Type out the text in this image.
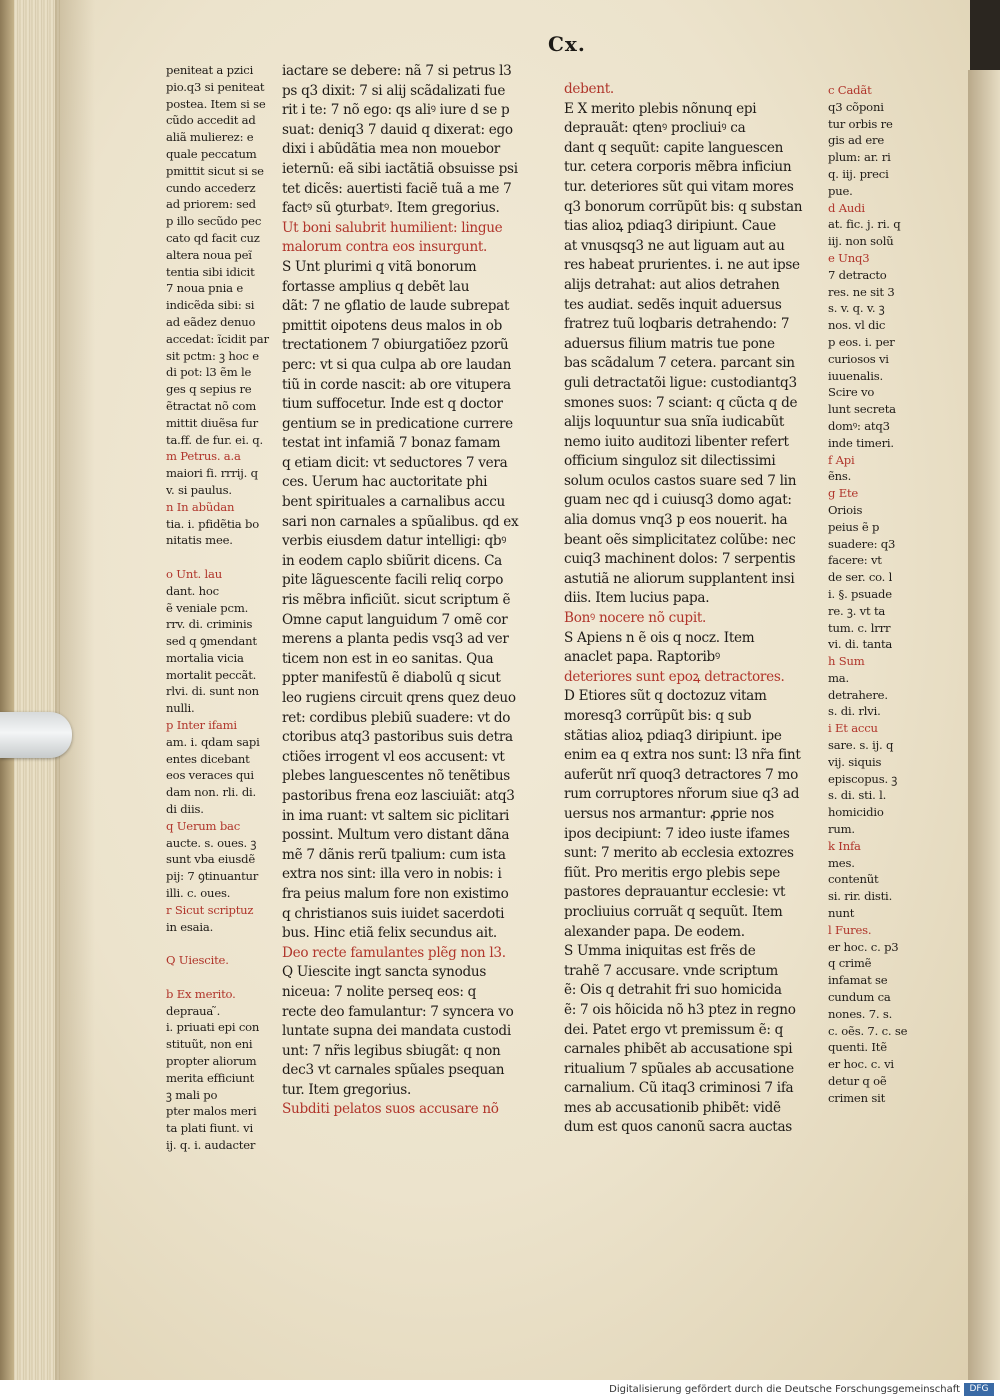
Cx.
peniteat a pzici
pio.q3 si peniteat
postea. Item si se
cũdo accedit ad
aliã mulierez: e
quale peccatum
pmittit sicut si se
cundo accederz
ad priorem: sed
p illo secũdo pec
cato qd facit cuz
altera noua peĩ
tentia sibi idicit
7 noua pnia e
indicẽda sibi: si
ad eãdez denuo
accedat: ĩcidit par
sit pctm: ꝫ hoc e
di pot: l3 ẽm le
ges q sepius re
ẽtractat nõ com
mittit diuẽsa fur
ta.ff. de fur. ei. q.
m Petrus. a.a
maiori fi. rrrij. q
v. si paulus.
n In abũdan
tia. i. pfidẽtia bo
nitatis mee.

o Unt. lau
dant. hoc
ẽ veniale pcm.
rrv. di. criminis
sed q ꝯmendant
mortalia vicia
mortalit peccãt.
rlvi. di. sunt non
nulli.
p Inter ifami
am. i. qdam sapi
entes dicebant
eos veraces qui
dam non. rli. di.
di diis.
q Uerum bac
aucte. s. oues. ꝫ
sunt vba eiusdẽ
pij: 7 ꝯtinuantur
illi. c. oues.
r Sicut scriptuz
in esaia.

Q Uiescite.

b Ex merito.
depraua ̃.
i. priuati epi con
stituũt, non eni
propter aliorum
merita efficiunt
ꝫ mali po
pter malos meri
ta plati fiunt. vi
ij. q. i. audacter
iactare se debere: nã 7 si petrus l3
ps q3 dixit: 7 si alij scãdalizati fue
rit i te: 7 nõ ego: qs aliꝰ iure d se p
suat: deniq3 7 dauid q dixerat: ego
dixi i abũdãtia mea non mouebor
ieternũ: eã sibi iactãtiã obsuisse psi
tet dicẽs: auertisti faciẽ tuã a me 7
factꝰ sũ ꝯturbatꝰ. Item gregorius.
Ut boni salubrit humilient: lingue
malorum contra eos insurgunt.
S Unt plurimi q vitã bonorum
fortasse amplius q debẽt lau
dãt: 7 ne ꝯflatio de laude subrepat
pmittit oipotens deus malos in ob
trectationem 7 obiurgatiõez pzorũ
perc: vt si qua culpa ab ore laudan
tiũ in corde nascit: ab ore vitupera
tium suffocetur. Inde est q doctor
gentium se in predicatione currere
testat int infamiã 7 bonaz famam
q etiam dicit: vt seductores 7 vera
ces. Uerum hac auctoritate phi
bent spirituales a carnalibus accu
sari non carnales a spũalibus. qd ex
verbis eiusdem datur intelligi: qbꝰ
in eodem caplo sbiũrit dicens. Ca
pite lãguescente facili reliq corpo
ris mẽbra inficiũt. sicut scriptum ẽ
Omne caput languidum 7 omẽ cor
merens a planta pedis vsq3 ad ver
ticem non est in eo sanitas. Qua
ppter manifestũ ẽ diabolũ q sicut
leo rugiens circuit qrens quez deuo
ret: cordibus plebiũ suadere: vt do
ctoribus atq3 pastoribus suis detra
ctiões irrogent vl eos accusent: vt
plebes languescentes nõ tenẽtibus
pastoribus frena eoz lasciuiãt: atq3
in ima ruant: vt saltem sic piclitari
possint. Multum vero distant dãna
mẽ 7 dãnis rerũ tpalium: cum ista
extra nos sint: illa vero in nobis: i
fra peius malum fore non existimo
q christianos suis iuidet sacerdoti
bus. Hinc etiã felix secundus ait.
Deo recte famulantes plẽg non l3.
Q Uiescite ingt sancta synodus
niceua: 7 nolite perseq eos: q
recte deo famulantur: 7 syncera vo
luntate supna dei mandata custodi
unt: 7 nr̃is legibus sbiugãt: q non
dec3 vt carnales spũales psequan
tur. Item gregorius.
Subditi pelatos suos accusare nõ
debent.
E X merito plebis nõnunq epi
deprauãt: qtenꝰ procliuiꝰ ca
dant q sequũt: capite languescen
tur. cetera corporis mẽbra inficiun
tur. deteriores sũt qui vitam mores
q3 bonorum corrũpũt bis: q substan
tias alioꝝ pdiaq3 diripiunt. Caue
at vnusqsq3 ne aut liguam aut au
res habeat prurientes. i. ne aut ipse
alijs detrahat: aut alios detrahen
tes audiat. sedẽs inquit aduersus
fratrez tuũ loqbaris detrahendo: 7
aduersus filium matris tue pone
bas scãdalum 7 cetera. parcant sin
guli detractatõi ligue: custodiantq3
smones suos: 7 sciant: q cũcta q de
alijs loquuntur sua snĩa iudicabũt
nemo iuito auditozi libenter refert
officium singuloz sit dilectissimi
solum oculos castos suare sed 7 lin
guam nec qd i cuiusq3 domo agat:
alia domus vnq3 p eos nouerit. ha
beant oẽs simplicitatez colũbe: nec
cuiq3 machinent dolos: 7 serpentis
astutiã ne aliorum supplantent insi
diis. Item lucius papa.
Bonꝰ nocere nõ cupit.
S Apiens n ẽ ois q nocz. Item
anaclet papa. Raptoribꝰ
deteriores sunt epoꝝ detractores.
D Etiores sũt q doctozuz vitam
moresq3 corrũpũt bis: q sub
stãtias alioꝝ pdiaq3 diripiunt. ipe
enim ea q extra nos sunt: l3 nr̃a fint
auferũt nrĩ quoq3 detractores 7 mo
rum corruptores nr̃orum siue q3 ad
uersus nos armantur: ꝓprie nos
ipos decipiunt: 7 ideo iuste ifames
sunt: 7 merito ab ecclesia extozres
fiũt. Pro meritis ergo plebis sepe
pastores deprauantur ecclesie: vt
procliuius corruãt q sequũt. Item
alexander papa. De eodem.
S Umma iniquitas est frẽs de
trahẽ 7 accusare. vnde scriptum
ẽ: Ois q detrahit fri suo homicida
ẽ: 7 ois hõicida nõ h3 ptez in regno
dei. Patet ergo vt premissum ẽ: q
carnales phibẽt ab accusatione spi
ritualium 7 spũales ab accusatione
carnalium. Cũ itaq3 criminosi 7 ifa
mes ab accusationib phibẽt: vidẽ
dum est quos canonũ sacra auctas
c Cadãt
q3 cõponi
tur orbis re
gis ad ere
plum: ar. ri
q. iij. preci
pue.
d Audi
at. fic. j. ri. q
iij. non solũ
e Unq3
7 detracto
res. ne sit 3
s. v. q. v. ꝫ
nos. vl dic
p eos. i. per
curiosos vi
iuuenalis.
Scire vo
lunt secreta
domꝰ: atq3
inde timeri.
f Api
ẽns.
g Ete
Oriois
peius ẽ p
suadere: q3
facere: vt
de ser. co. l
i. §. psuade
re. ꝫ. vt ta
tum. c. lrrr
vi. di. tanta
h Sum
ma.
detrahere.
s. di. rlvi.
i Et accu
sare. s. ij. q
vij. siquis
episcopus. ꝫ
s. di. sti. l.
homicidio
rum.
k Infa
mes.
contenũt
si. rir. disti.
nunt
l Fures.
er hoc. c. p3
q crimẽ
infamat se
cundum ca
nones. 7. s.
c. oẽs. 7. c. se
quenti. Itẽ
er hoc. c. vi
detur q oẽ
crimen sit
Digitalisierung gefördert durch die Deutsche Forschungsgemeinschaft	DFG
